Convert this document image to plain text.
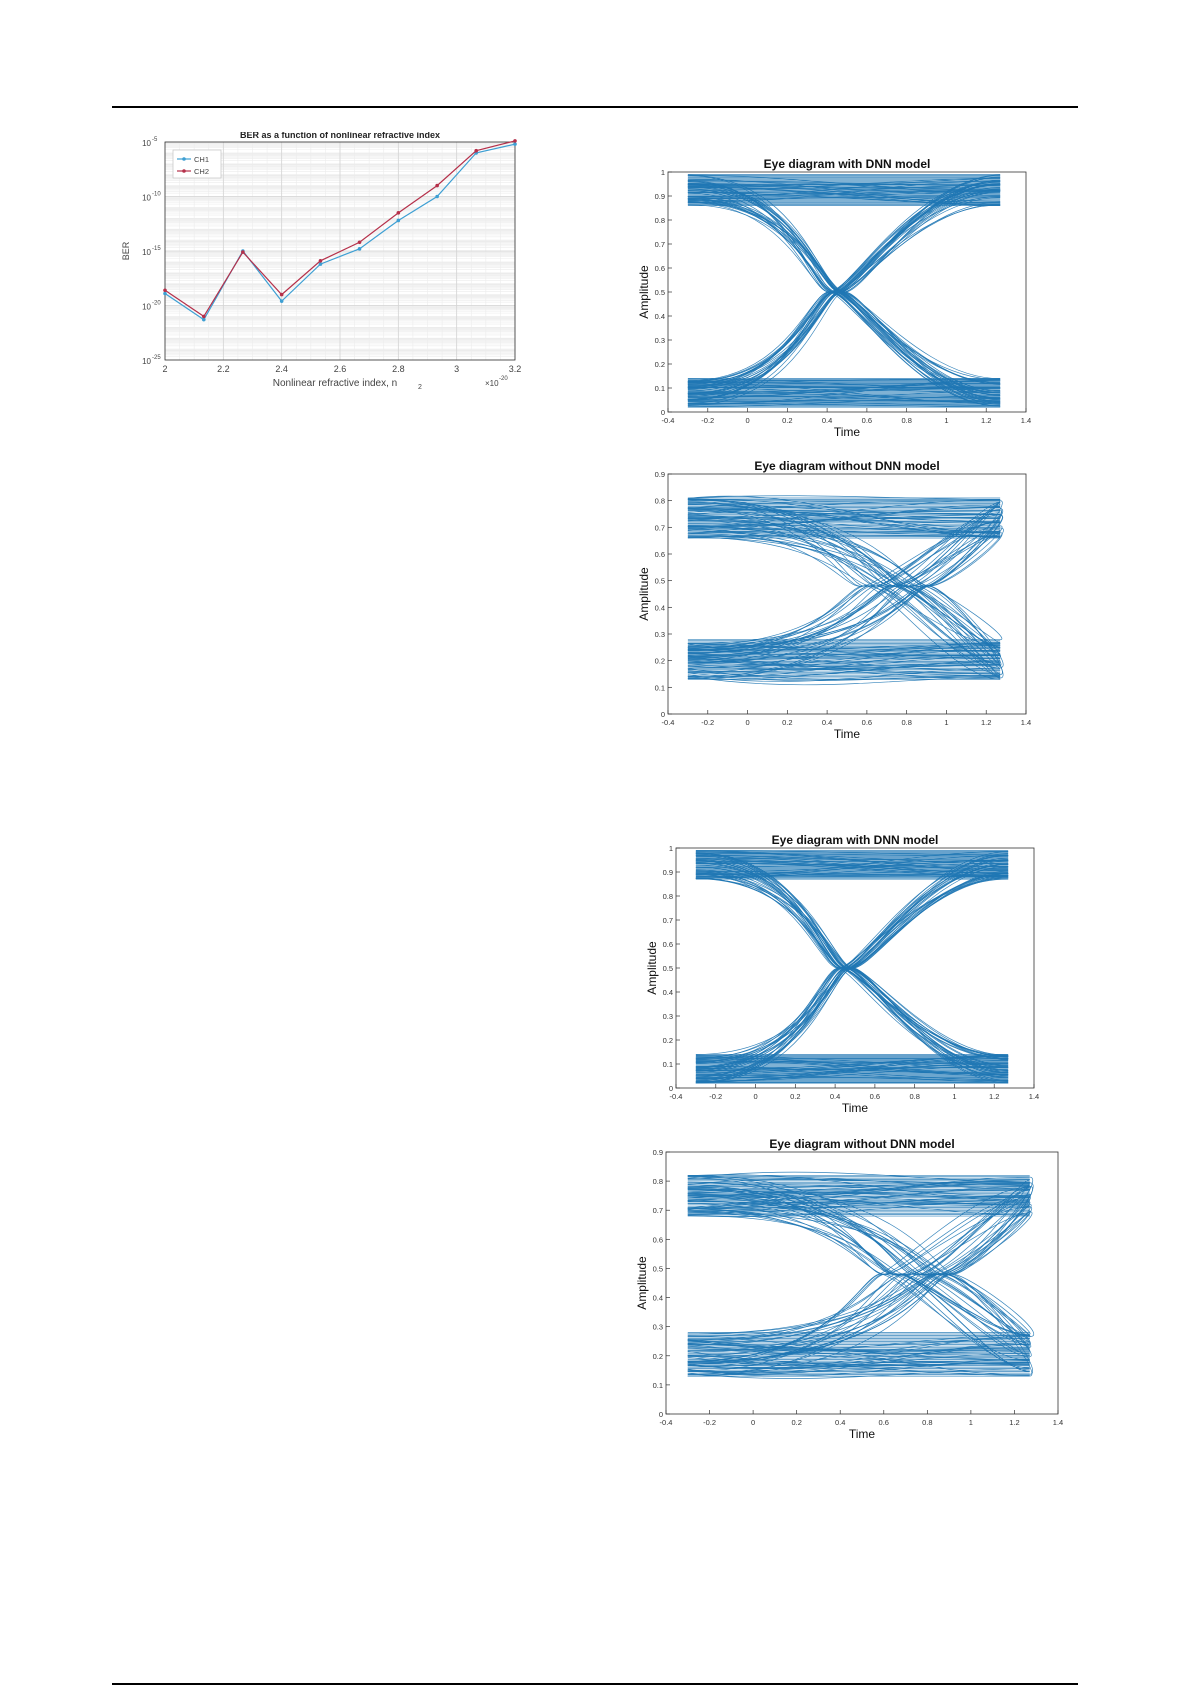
BER as a function of nonlinear refractive index
2	2.2	2.4	2.6	2.8	3	3.2
10 -5
10 -10
10 -15
10 -20
10 -25
CH1
CH2
Nonlinear refractive index, n	2	×10 -20
BER
Eye diagram with DNN model
-0.4	-0.2	0	0.2	0.4	0.6	0.8	1	1.2	1.4
0
0.1
0.2
0.3
0.4
0.5
0.6
0.7
0.8
0.9
1
Time
Amplitude
Eye diagram without DNN model
-0.4	-0.2	0	0.2	0.4	0.6	0.8	1	1.2	1.4
0
0.1
0.2
0.3
0.4
0.5
0.6
0.7
0.8
0.9
Time
Amplitude
Eye diagram with DNN model
-0.4	-0.2	0	0.2	0.4	0.6	0.8	1	1.2	1.4
0
0.1
0.2
0.3
0.4
0.5
0.6
0.7
0.8
0.9
1
Time
Amplitude
Eye diagram without DNN model
-0.4	-0.2	0	0.2	0.4	0.6	0.8	1	1.2	1.4
0
0.1
0.2
0.3
0.4
0.5
0.6
0.7
0.8
0.9
Time
Amplitude
